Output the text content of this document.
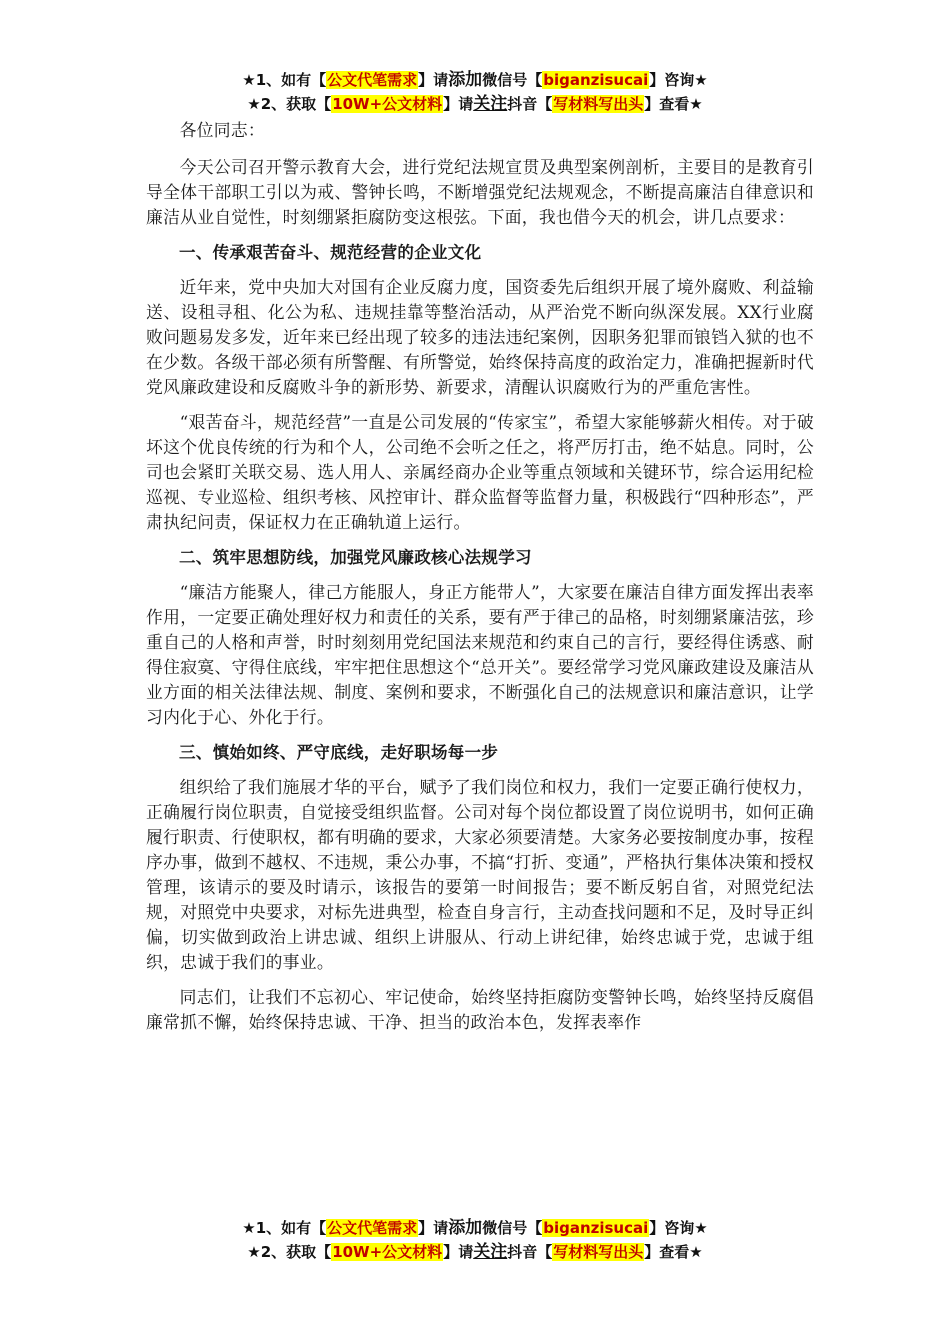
★1、如有【公文代笔需求】请添加微信号【biganzisucai】咨询★
★2、获取【10W+公文材料】请关注抖音【写材料写出头】查看★

各位同志：

今天公司召开警示教育大会，进行党纪法规宣贯及典型案例剖析，主要目的是教育引导全体干部职工引以为戒、警钟长鸣，不断增强党纪法规观念，不断提高廉洁自律意识和廉洁从业自觉性，时刻绷紧拒腐防变这根弦。下面，我也借今天的机会，讲几点要求：

一、传承艰苦奋斗、规范经营的企业文化

近年来，党中央加大对国有企业反腐力度，国资委先后组织开展了境外腐败、利益输送、设租寻租、化公为私、违规挂靠等整治活动，从严治党不断向纵深发展。XX行业腐败问题易发多发，近年来已经出现了较多的违法违纪案例，因职务犯罪而锒铛入狱的也不在少数。各级干部必须有所警醒、有所警觉，始终保持高度的政治定力，准确把握新时代党风廉政建设和反腐败斗争的新形势、新要求，清醒认识腐败行为的严重危害性。

“艰苦奋斗，规范经营”一直是公司发展的“传家宝”，希望大家能够薪火相传。对于破坏这个优良传统的行为和个人，公司绝不会听之任之，将严厉打击，绝不姑息。同时，公司也会紧盯关联交易、选人用人、亲属经商办企业等重点领域和关键环节，综合运用纪检巡视、专业巡检、组织考核、风控审计、群众监督等监督力量，积极践行“四种形态”，严肃执纪问责，保证权力在正确轨道上运行。

二、筑牢思想防线，加强党风廉政核心法规学习

“廉洁方能聚人，律己方能服人，身正方能带人”，大家要在廉洁自律方面发挥出表率作用，一定要正确处理好权力和责任的关系，要有严于律己的品格，时刻绷紧廉洁弦，珍重自己的人格和声誉，时时刻刻用党纪国法来规范和约束自己的言行，要经得住诱惑、耐得住寂寞、守得住底线，牢牢把住思想这个“总开关”。要经常学习党风廉政建设及廉洁从业方面的相关法律法规、制度、案例和要求，不断强化自己的法规意识和廉洁意识，让学习内化于心、外化于行。

三、慎始如终、严守底线，走好职场每一步

组织给了我们施展才华的平台，赋予了我们岗位和权力，我们一定要正确行使权力，正确履行岗位职责，自觉接受组织监督。公司对每个岗位都设置了岗位说明书，如何正确履行职责、行使职权，都有明确的要求，大家必须要清楚。大家务必要按制度办事，按程序办事，做到不越权、不违规，秉公办事，不搞“打折、变通”，严格执行集体决策和授权管理，该请示的要及时请示，该报告的要第一时间报告；要不断反躬自省，对照党纪法规，对照党中央要求，对标先进典型，检查自身言行，主动查找问题和不足，及时导正纠偏，切实做到政治上讲忠诚、组织上讲服从、行动上讲纪律，始终忠诚于党，忠诚于组织，忠诚于我们的事业。

同志们，让我们不忘初心、牢记使命，始终坚持拒腐防变警钟长鸣，始终坚持反腐倡廉常抓不懈，始终保持忠诚、干净、担当的政治本色，发挥表率作

★1、如有【公文代笔需求】请添加微信号【biganzisucai】咨询★
★2、获取【10W+公文材料】请关注抖音【写材料写出头】查看★
